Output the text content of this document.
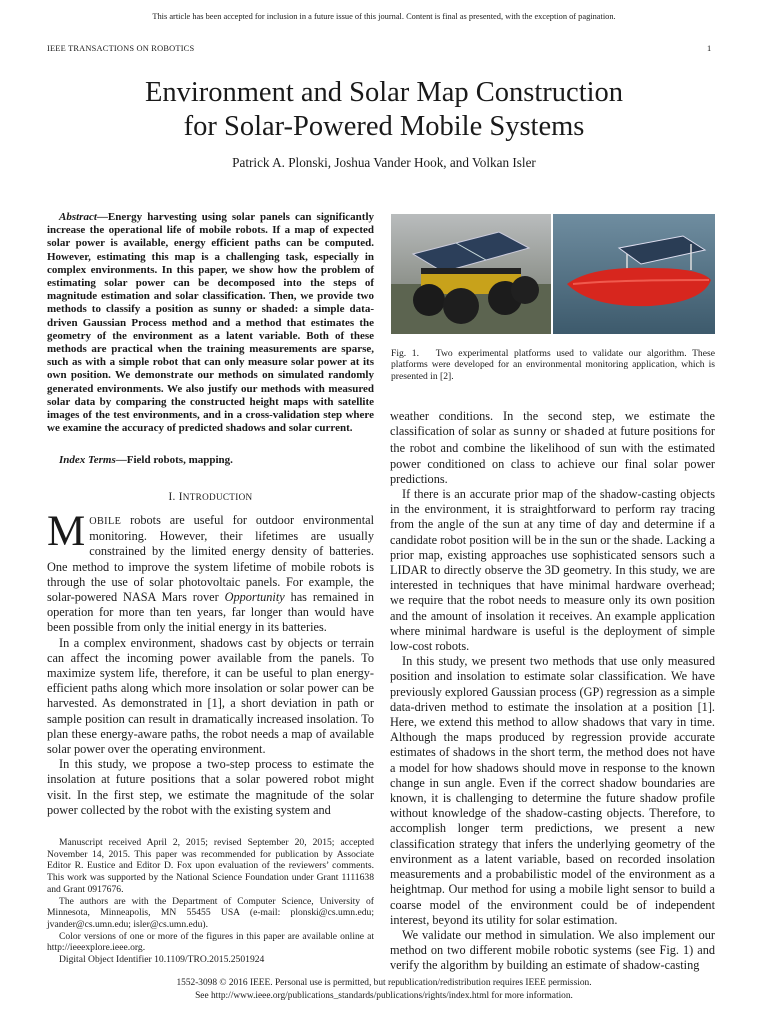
This article has been accepted for inclusion in a future issue of this journal. Content is final as presented, with the exception of pagination.
IEEE TRANSACTIONS ON ROBOTICS	1
Environment and Solar Map Construction
for Solar-Powered Mobile Systems
Patrick A. Plonski, Joshua Vander Hook, and Volkan Isler

Abstract—Energy harvesting using solar panels can significantly increase the operational life of mobile robots. If a map of expected solar power is available, energy efficient paths can be computed. However, estimating this map is a challenging task, especially in complex environments. In this paper, we show how the problem of estimating solar power can be decomposed into the steps of magnitude estimation and solar classification. Then, we provide two methods to classify a position as sunny or shaded: a simple data-driven Gaussian Process method and a method that estimates the geometry of the environment as a latent variable. Both of these methods are practical when the training measurements are sparse, such as with a simple robot that can only measure solar power at its own position. We demonstrate our methods on simulated randomly generated environments. We also justify our methods with measured solar data by comparing the constructed height maps with satellite images of the test environments, and in a cross-validation step where we examine the accuracy of predicted shadows and solar current.

Index Terms—Field robots, mapping.

I. INTRODUCTION

MOBILE robots are useful for outdoor environmental monitoring. However, their lifetimes are usually constrained by the limited energy density of batteries. One method to improve the system lifetime of mobile robots is through the use of solar photovoltaic panels. For example, the solar-powered NASA Mars rover Opportunity has remained in operation for more than ten years, far longer than would have been possible from only the initial energy in its batteries.

In a complex environment, shadows cast by objects or terrain can affect the incoming power available from the panels. To maximize system life, therefore, it can be useful to plan energy-efficient paths along which more insolation or solar power can be harvested. As demonstrated in [1], a short deviation in path or sample position can result in dramatically increased insolation. To plan these energy-aware paths, the robot needs a map of available solar power over the operating environment.

In this study, we propose a two-step process to estimate the insolation at future positions that a solar powered robot might visit. In the first step, we estimate the magnitude of the solar power collected by the robot with the existing system and

Manuscript received April 2, 2015; revised September 20, 2015; accepted November 14, 2015. This paper was recommended for publication by Associate Editor R. Eustice and Editor D. Fox upon evaluation of the reviewers’ comments. This work was supported by the National Science Foundation under Grant 1111638 and Grant 0917676.

The authors are with the Department of Computer Science, University of Minnesota, Minneapolis, MN 55455 USA (e-mail: plonski@cs.umn.edu; jvander@cs.umn.edu; isler@cs.umn.edu).

Color versions of one or more of the figures in this paper are available online at http://ieeexplore.ieee.org.

Digital Object Identifier 10.1109/TRO.2015.2501924

Fig. 1. Two experimental platforms used to validate our algorithm. These platforms were developed for an environmental monitoring application, which is presented in [2].

weather conditions. In the second step, we estimate the classification of solar as sunny or shaded at future positions for the robot and combine the likelihood of sun with the estimated power conditioned on class to achieve our final solar power predictions.

If there is an accurate prior map of the shadow-casting objects in the environment, it is straightforward to perform ray tracing from the angle of the sun at any time of day and determine if a candidate robot position will be in the sun or the shade. Lacking a prior map, existing approaches use sophisticated sensors such a LIDAR to directly observe the 3D geometry. In this study, we are interested in techniques that have minimal hardware overhead; we require that the robot needs to measure only its own position and the amount of insolation it receives. An example application where minimal hardware is useful is the deployment of simple low-cost robots.

In this study, we present two methods that use only measured position and insolation to estimate solar classification. We have previously explored Gaussian process (GP) regression as a simple data-driven method to estimate the insolation at a position [1]. Here, we extend this method to allow shadows that vary in time. Although the maps produced by regression provide accurate estimates of shadows in the short term, the method does not have a model for how shadows should move in response to the known change in sun angle. Even if the correct shadow boundaries are known, it is challenging to determine the future shadow profile without knowledge of the shadow-casting objects. Therefore, to accomplish longer term predictions, we present a new classification strategy that infers the underlying geometry of the environment as a latent variable, based on recorded insolation measurements and a probabilistic model of the environment as a heightmap. Our method for using a mobile light sensor to build a coarse model of the environment could be of independent interest, beyond its utility for solar estimation.

We validate our method in simulation. We also implement our method on two different mobile robotic systems (see Fig. 1) and verify the algorithm by building an estimate of shadow-casting

1552-3098 © 2016 IEEE. Personal use is permitted, but republication/redistribution requires IEEE permission.
See http://www.ieee.org/publications_standards/publications/rights/index.html for more information.
